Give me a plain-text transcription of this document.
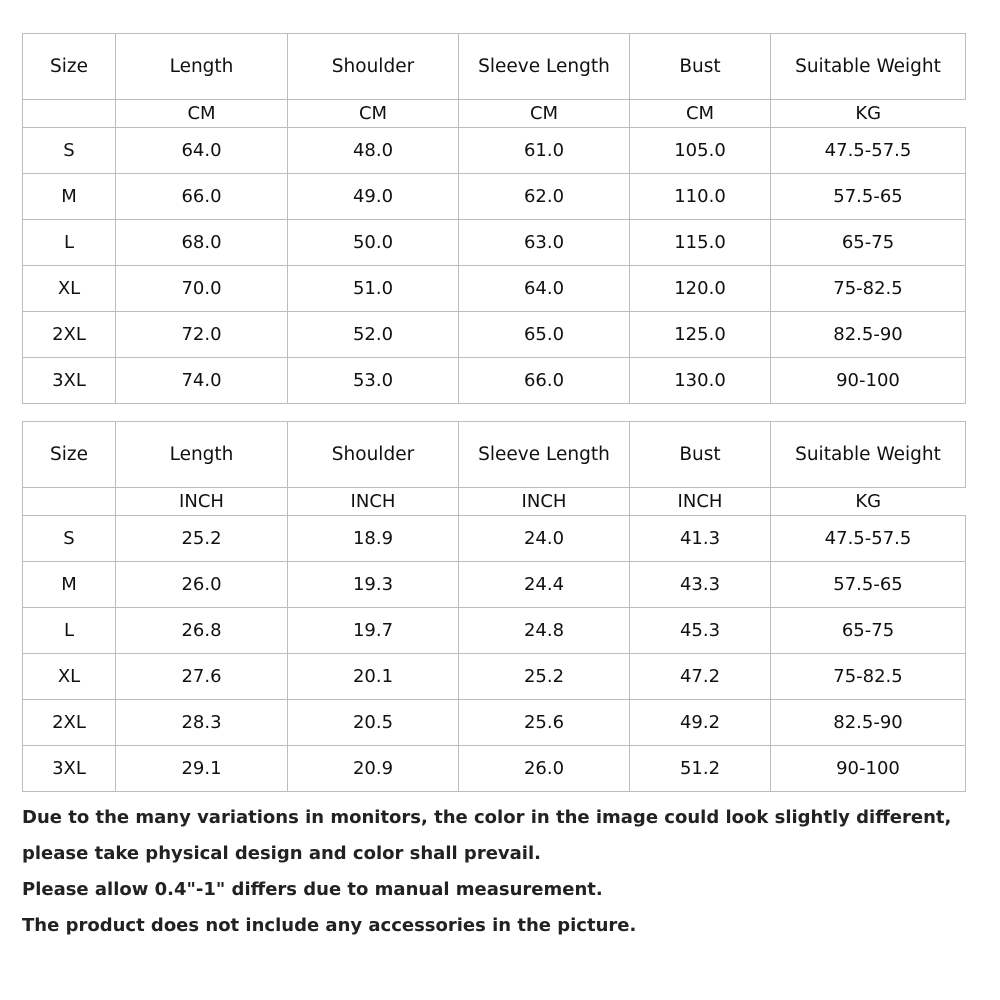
Size	Length	Shoulder	Sleeve Length	Bust	Suitable Weight
	CM	CM	CM	CM	KG
S	64.0	48.0	61.0	105.0	47.5-57.5
M	66.0	49.0	62.0	110.0	57.5-65
L	68.0	50.0	63.0	115.0	65-75
XL	70.0	51.0	64.0	120.0	75-82.5
2XL	72.0	52.0	65.0	125.0	82.5-90
3XL	74.0	53.0	66.0	130.0	90-100
Size	Length	Shoulder	Sleeve Length	Bust	Suitable Weight
	INCH	INCH	INCH	INCH	KG
S	25.2	18.9	24.0	41.3	47.5-57.5
M	26.0	19.3	24.4	43.3	57.5-65
L	26.8	19.7	24.8	45.3	65-75
XL	27.6	20.1	25.2	47.2	75-82.5
2XL	28.3	20.5	25.6	49.2	82.5-90
3XL	29.1	20.9	26.0	51.2	90-100
Due to the many variations in monitors, the color in the image could look slightly different,
please take physical design and color shall prevail.
Please allow 0.4"-1" differs due to manual measurement.
The product does not include any accessories in the picture.
